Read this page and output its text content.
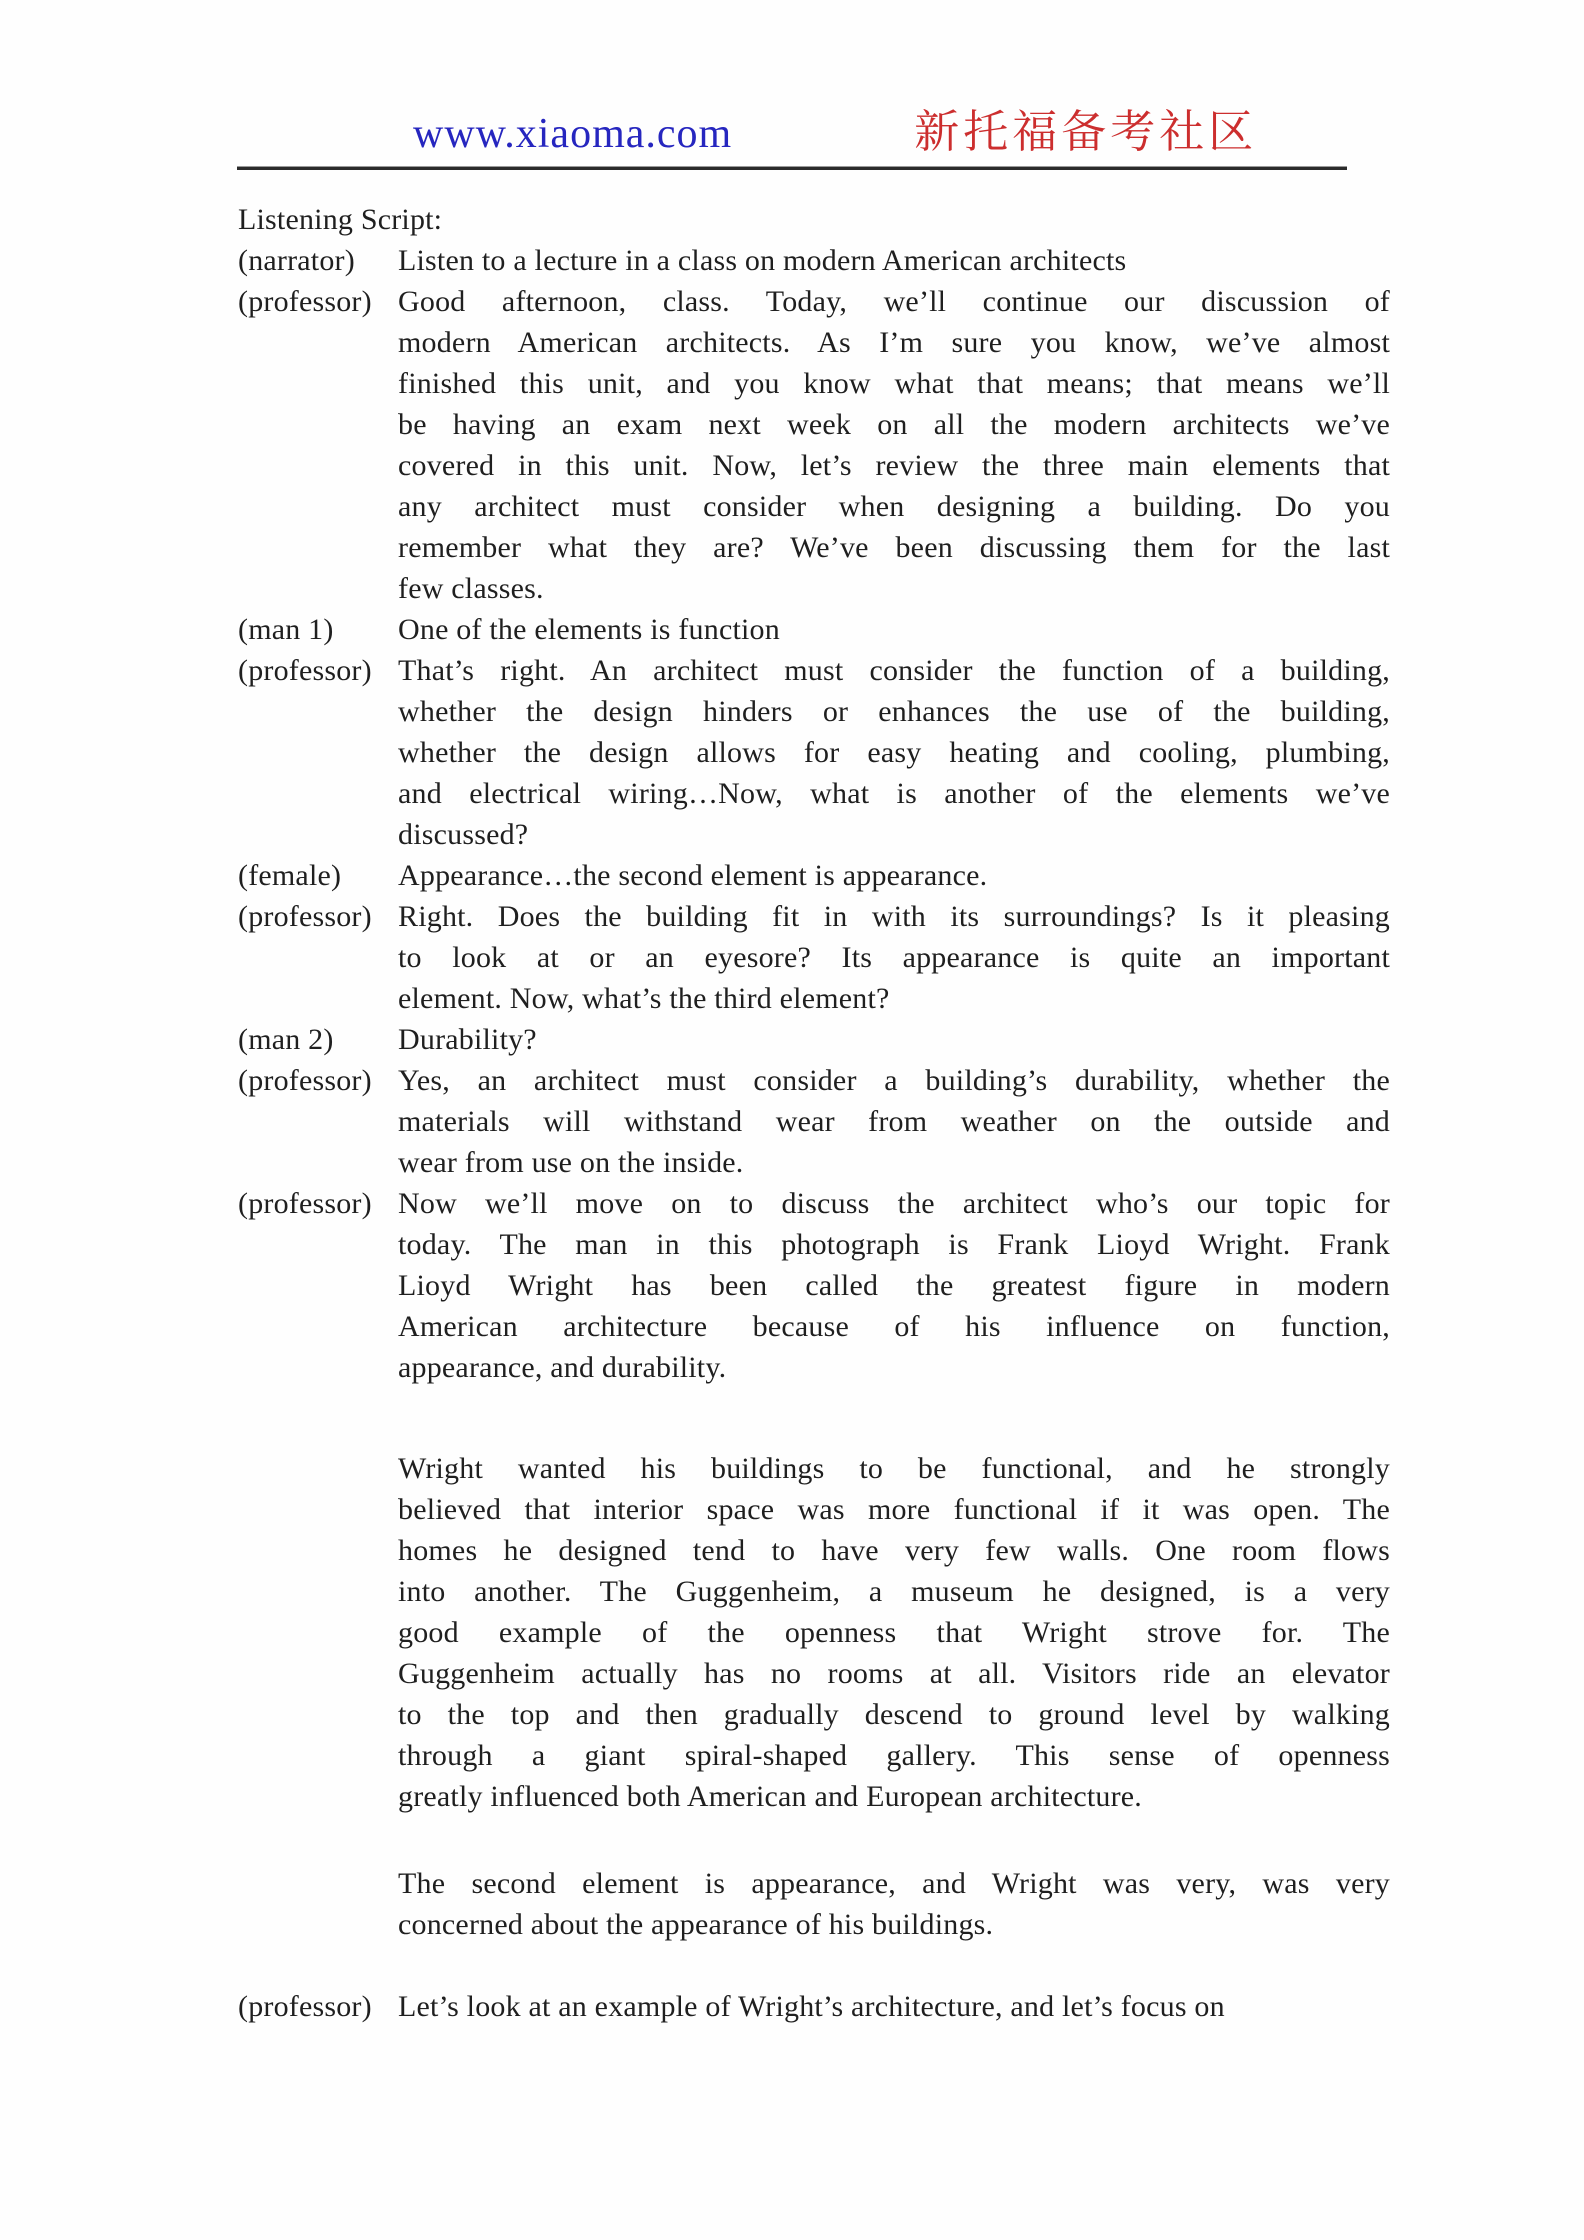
www.xiaoma.com	新托福备考社区
Listening Script:
(narrator)	Listen to a lecture in a class on modern American architects
(professor) Good afternoon, class. Today, we’ll continue our discussion of
modern American architects. As I’m sure you know, we’ve almost
finished this unit, and you know what that means; that means we’ll
be having an exam next week on all the modern architects we’ve
covered in this unit. Now, let’s review the three main elements that
any architect must consider when designing a building. Do you
remember what they are? We’ve been discussing them for the last
few classes.
(man 1)	One of the elements is function
(professor) That’s right. An architect must consider the function of a building,
whether the design hinders or enhances the use of the building,
whether the design allows for easy heating and cooling, plumbing,
and electrical wiring…Now, what is another of the elements we’ve
discussed?
(female)	Appearance…the second element is appearance.
(professor) Right. Does the building fit in with its surroundings? Is it pleasing
to look at or an eyesore? Its appearance is quite an important
element. Now, what’s the third element?
(man 2)	Durability?
(professor) Yes, an architect must consider a building’s durability, whether the
materials will withstand wear from weather on the outside and
wear from use on the inside.
(professor) Now we’ll move on to discuss the architect who’s our topic for
today. The man in this photograph is Frank Lioyd Wright. Frank
Lioyd Wright has been called the greatest figure in modern
American architecture because of his influence on function,
appearance, and durability.
Wright wanted his buildings to be functional, and he strongly
believed that interior space was more functional if it was open. The
homes he designed tend to have very few walls. One room flows
into another. The Guggenheim, a museum he designed, is a very
good example of the openness that Wright strove for. The
Guggenheim actually has no rooms at all. Visitors ride an elevator
to the top and then gradually descend to ground level by walking
through a giant spiral-shaped gallery. This sense of openness
greatly influenced both American and European architecture.
The second element is appearance, and Wright was very, was very
concerned about the appearance of his buildings.
(professor) Let’s look at an example of Wright’s architecture, and let’s focus on
